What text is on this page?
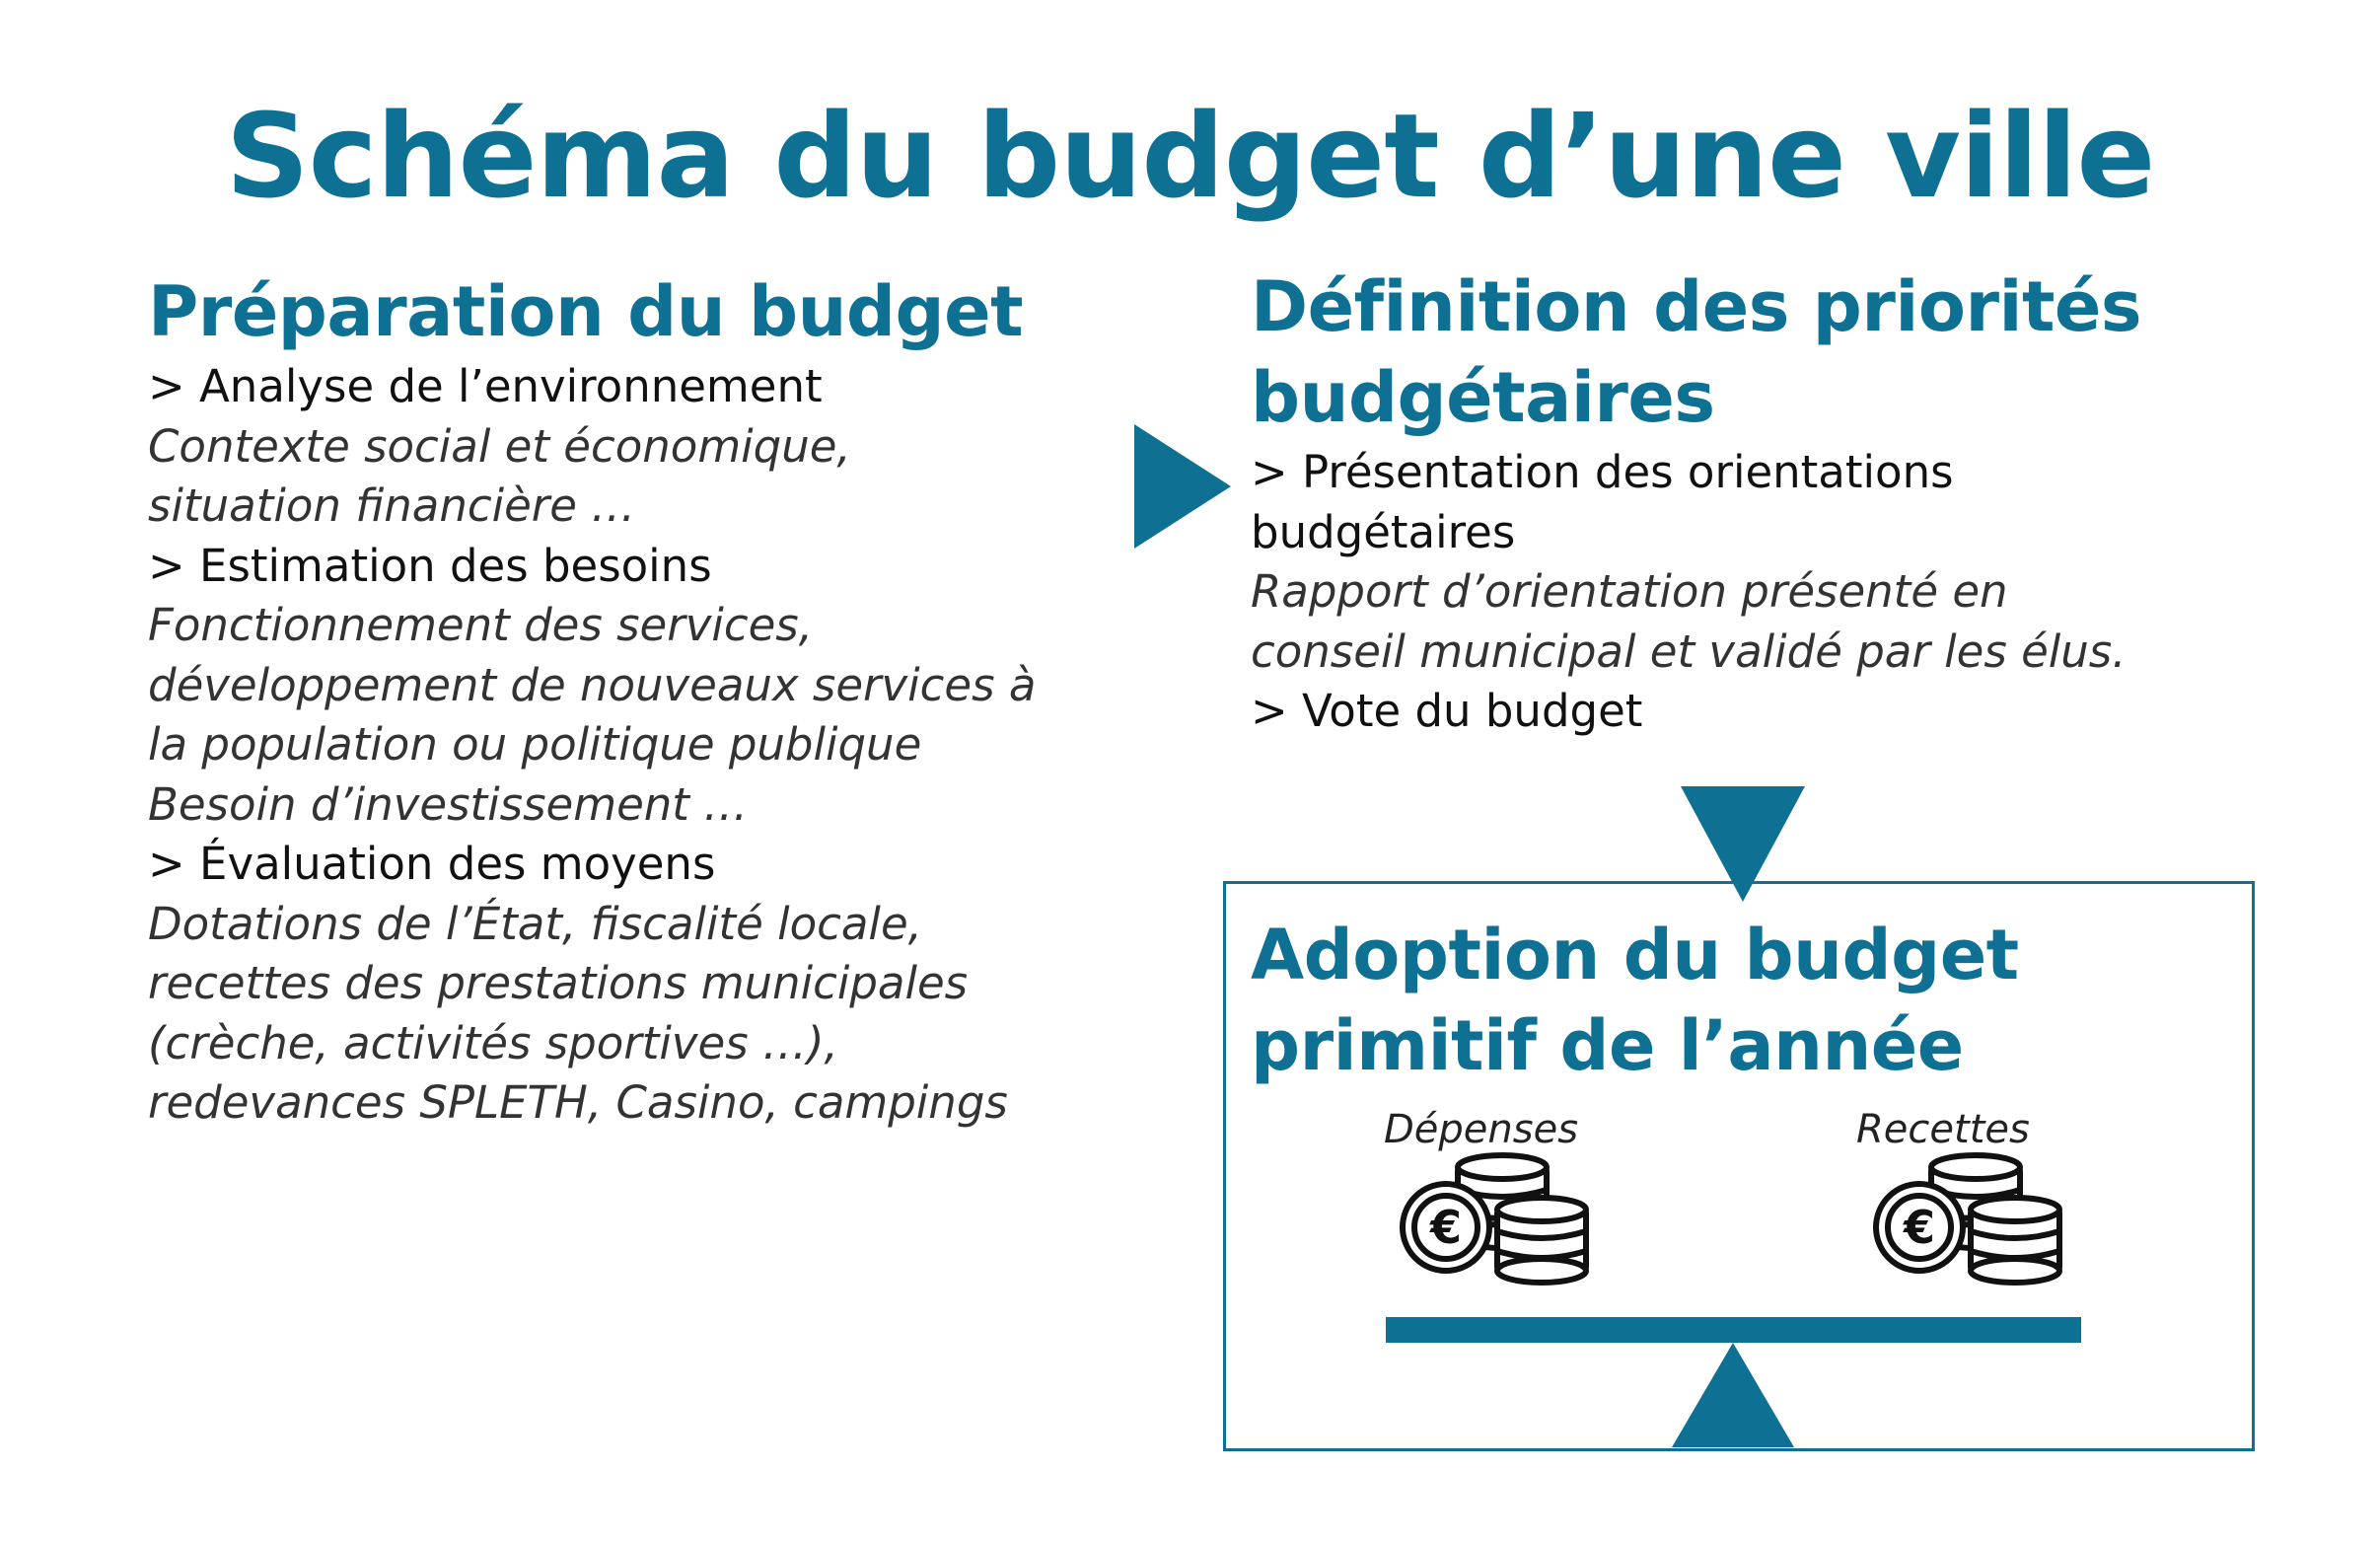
Schéma du budget d’une ville
Préparation du budget

> Analyse de l’environnement

Contexte social et économique,

situation financière …

> Estimation des besoins

Fonctionnement des services,

développement de nouveaux services à

la population ou politique publique

Besoin d’investissement …

> Évaluation des moyens

Dotations de l’État, fiscalité locale,

recettes des prestations municipales

(crèche, activités sportives …),

redevances SPLETH, Casino, campings

Définition des priorités
budgétaires

> Présentation des orientations

budgétaires

Rapport d’orientation présenté en

conseil municipal et validé par les élus.

> Vote du budget

Adoption du budget
primitif de l’année

Dépenses	Recettes

€	€
